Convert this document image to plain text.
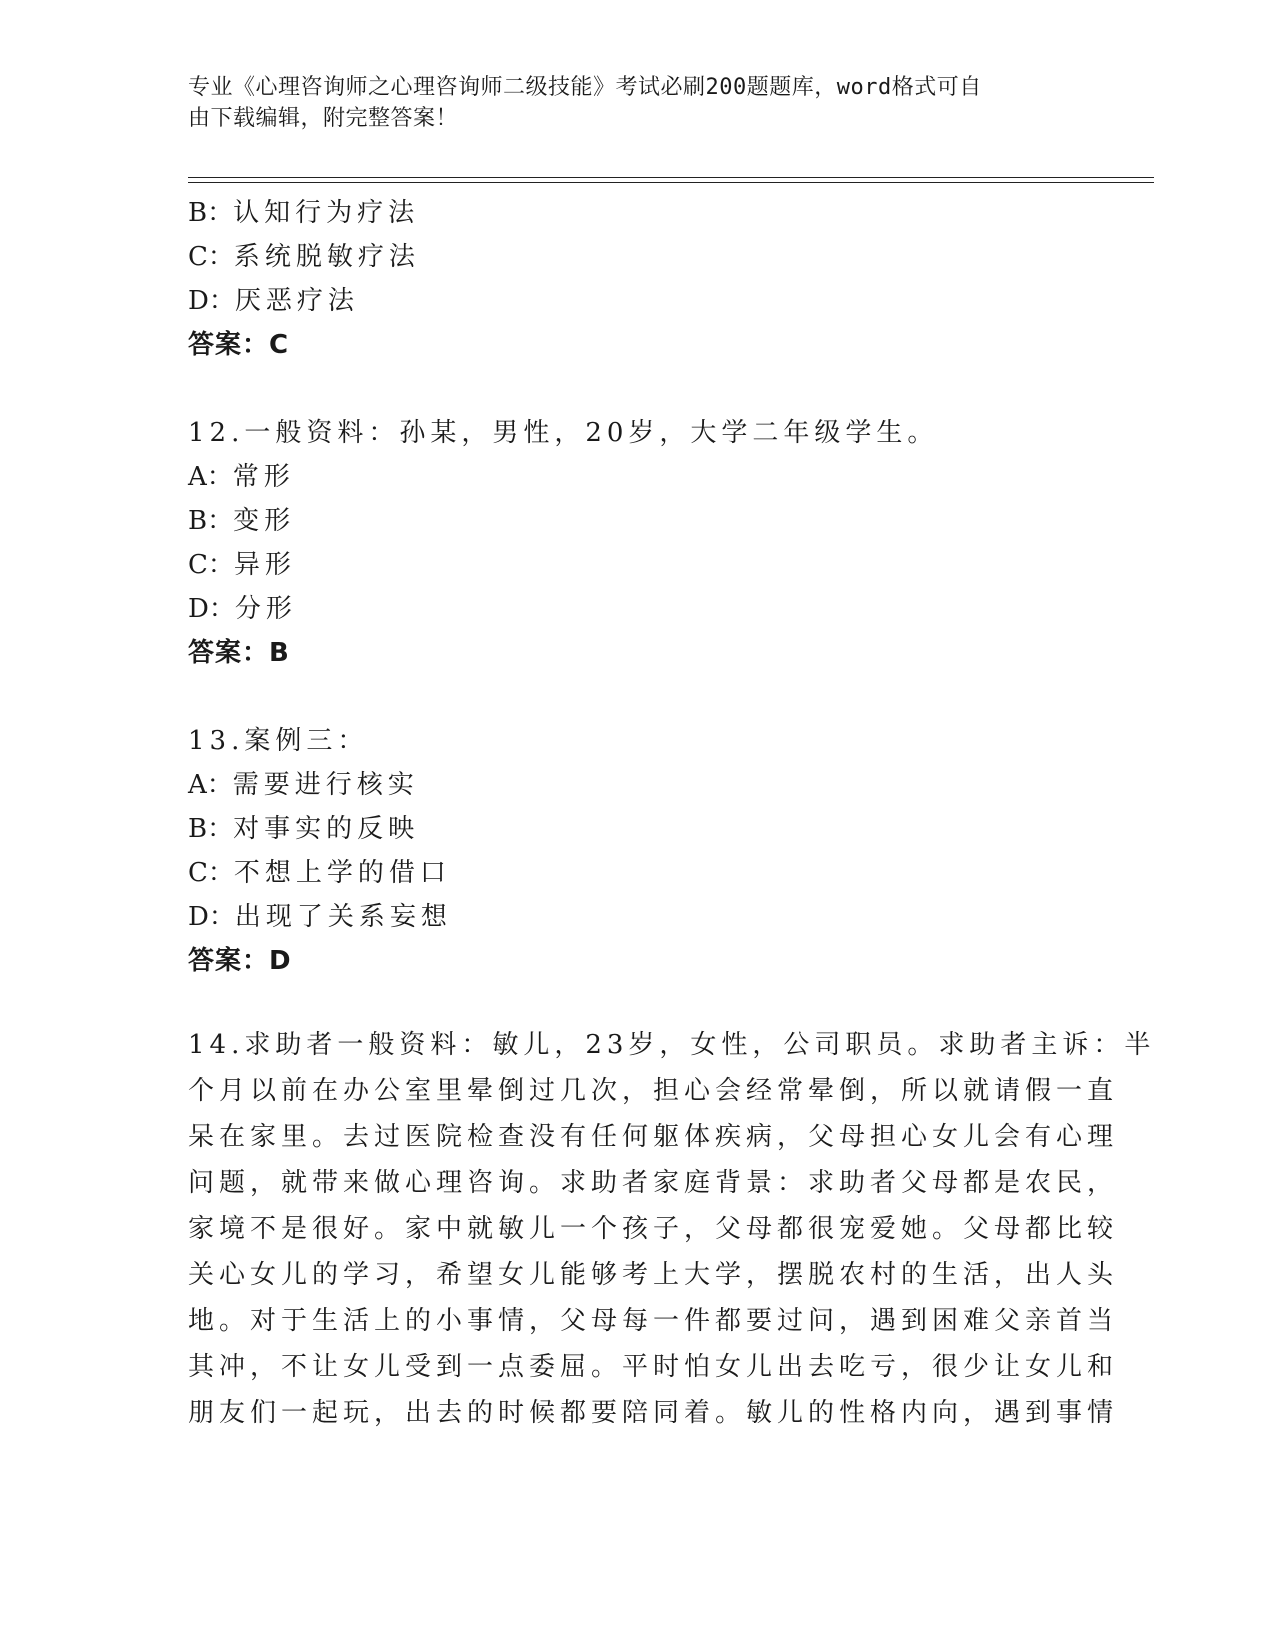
专业《心理咨询师之心理咨询师二级技能》考试必刷200题题库，word格式可自
由下载编辑，附完整答案！
B：认知行为疗法
C：系统脱敏疗法
D：厌恶疗法
答案：C
12.一般资料：孙某，男性，20岁，大学二年级学生。
A：常形
B：变形
C：异形
D：分形
答案：B
13.案例三：
A：需要进行核实
B：对事实的反映
C：不想上学的借口
D：出现了关系妄想
答案：D
14.求助者一般资料：敏儿，23岁，女性，公司职员。求助者主诉：半
个月以前在办公室里晕倒过几次，担心会经常晕倒，所以就请假一直
呆在家里。去过医院检查没有任何躯体疾病，父母担心女儿会有心理
问题，就带来做心理咨询。求助者家庭背景：求助者父母都是农民，
家境不是很好。家中就敏儿一个孩子，父母都很宠爱她。父母都比较
关心女儿的学习，希望女儿能够考上大学，摆脱农村的生活，出人头
地。对于生活上的小事情，父母每一件都要过问，遇到困难父亲首当
其冲，不让女儿受到一点委屈。平时怕女儿出去吃亏，很少让女儿和
朋友们一起玩，出去的时候都要陪同着。敏儿的性格内向，遇到事情
